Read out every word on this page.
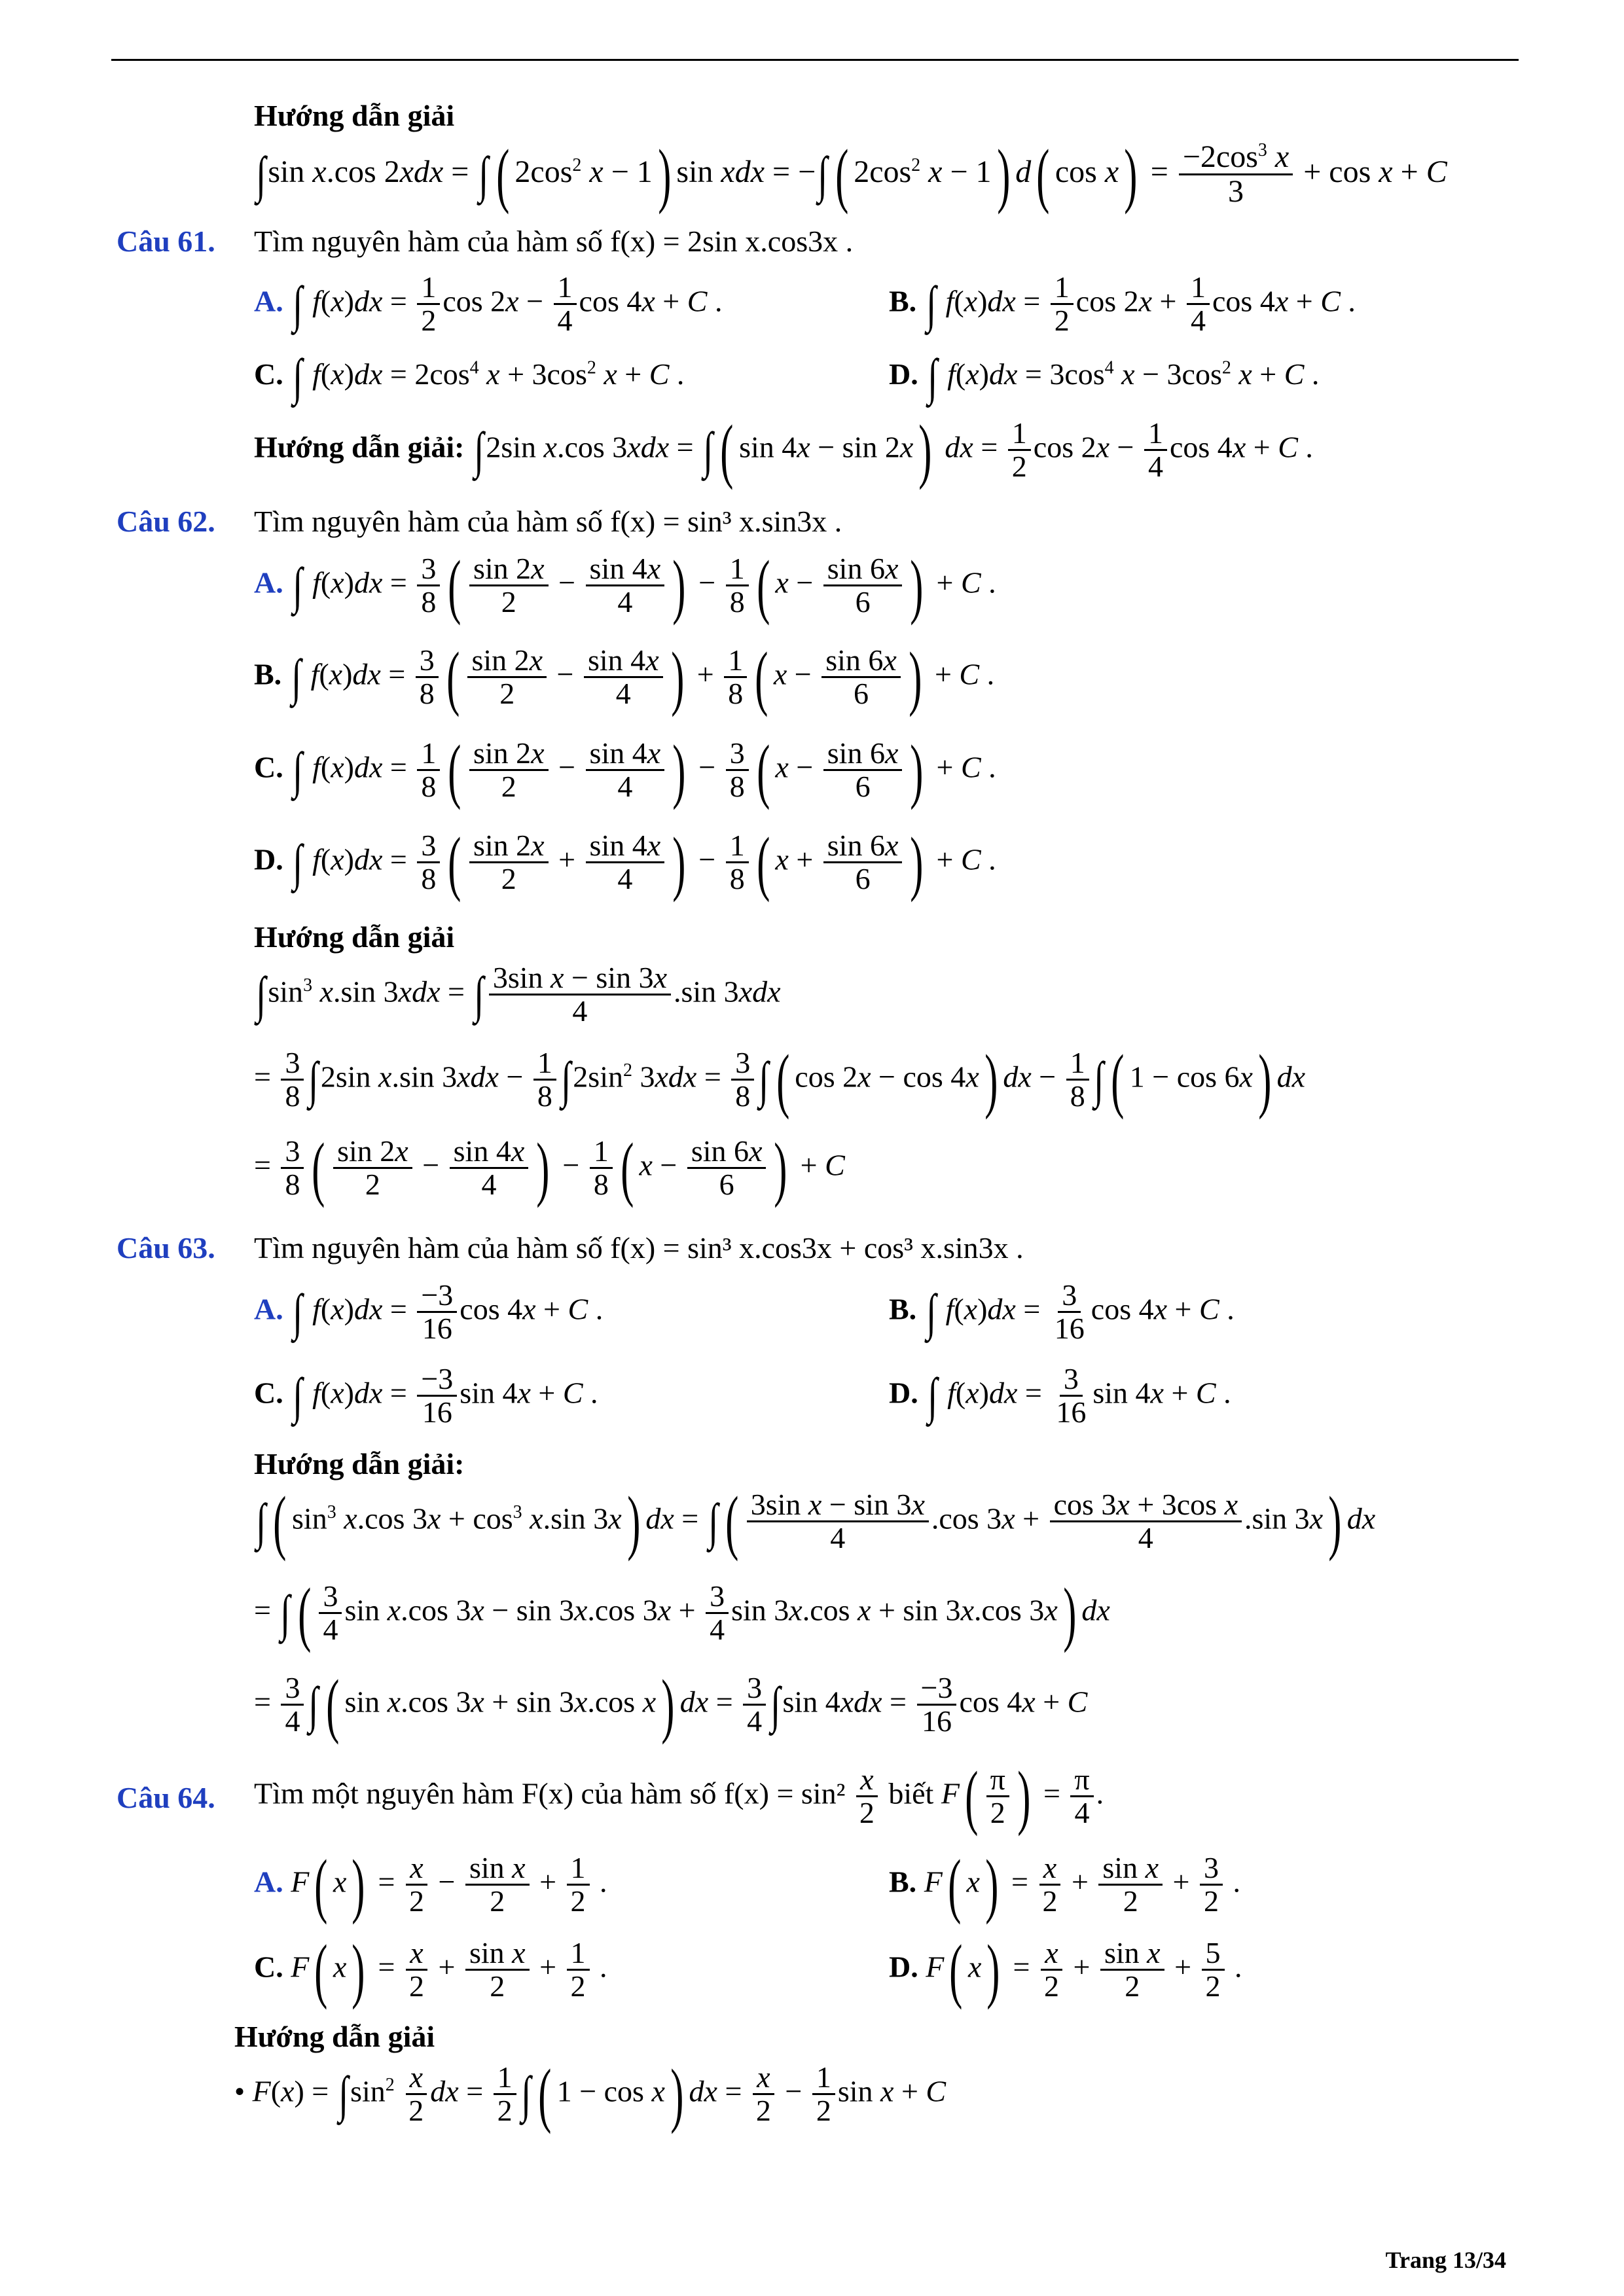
Hướng dẫn giải
∫sin x.cos 2xdx = ∫ ( $2\cos^2$ x − 1) sin xdx = −∫ ( $2\cos^2$ x − 1) d( $\cos x) = \frac{-2\cos^3 x}{3} + \cos x + C$
Câu 61. Tìm nguyên hàm của hàm số f(x) = 2sin x.cos3x .
A. ∫ $f(x)dx = \frac{1}{2}$ $\cos 2x - \frac{1}{4}$ cos 4x + C .	B. ∫ $f(x)dx = \frac{1}{2}$ $\cos 2x + \frac{1}{4}$ cos 4x + C .
C. ∫ $f(x)dx = 2\cos^4$ $x + 3\cos^2$ x + C .	D. ∫ $f(x)dx = 3\cos^4$ $x - 3\cos^2$ x + C .
Hướng dẫn giải: ∫2sin x.cos 3xdx = ∫ ( sin 4x − sin 2x) dx = $\frac{1}{2}$ $\cos 2x - \frac{1}{4}$ cos 4x + C .
Câu 62. Tìm nguyên hàm của hàm số f(x) = sin³ x.sin3x .
A. ∫ $f(x)dx = \frac{3}{8}$ ( $\frac{\sin 2x}{2} - \frac{\sin 4x}{4}$ ) − $\frac{1}{8}$ ( $x - \frac{\sin 6x}{6}$ ) + C .
B. ∫ $f(x)dx = \frac{3}{8}$ ( $\frac{\sin 2x}{2} - \frac{\sin 4x}{4}$ ) + $\frac{1}{8}$ ( $x - \frac{\sin 6x}{6}$ ) + C .
C. ∫ $f(x)dx = \frac{1}{8}$ ( $\frac{\sin 2x}{2} - \frac{\sin 4x}{4}$ ) − $\frac{3}{8}$ ( $x - \frac{\sin 6x}{6}$ ) + C .
D. ∫ $f(x)dx = \frac{3}{8}$ ( $\frac{\sin 2x}{2} + \frac{\sin 4x}{4}$ ) − $\frac{1}{8}$ ( $x + \frac{\sin 6x}{6}$ ) + C .
Hướng dẫn giải
$\int\sin^3$ x.sin 3xdx = ∫ $\frac{\text{3sin x − sin 3x}}{4} .\sin$ 3xdx
= $\frac{3}{8} \int 2\sin$ x.sin $3xdx - \frac{1}{8} \int 2\sin^2$ $3xdx = \frac{3}{8}$ ∫ ( cos 2x − cos 4x) dx − $\frac{1}{8}$ ∫ ( 1 − cos 6x) dx
= $\frac{3}{8}$ ( $\frac{\sin 2x}{2} - \frac{\sin 4x}{4}$ ) − $\frac{1}{8}$ ( $x - \frac{\sin 6x}{6}$ ) + C
Câu 63. Tìm nguyên hàm của hàm số f(x) = sin³ x.cos3x + cos³ x.sin3x .
A. ∫ $f(x)dx = \frac{-3}{16}$ cos 4x + C .	B. ∫ $f(x)dx = \frac{3}{16}$ cos 4x + C .
C. ∫ $f(x)dx = \frac{-3}{16}$ sin 4x + C .	D. ∫ $f(x)dx = \frac{3}{16}$ sin 4x + C .
Hướng dẫn giải:
∫ ( $\sin^3 x.\cos$ $3x + \cos^3 x.\sin$ 3x) dx = ∫ ( $\frac{\text{3sin x − sin 3x}}{4} .\cos$ $3x + \frac{\text{cos 3x + 3cos x}}{4} .\sin$ 3x) dx
= ∫ ( $\frac{3}{4}$ sin x.cos 3x − sin 3x.cos $3x + \frac{3}{4}$ sin 3x.cos x + sin 3x.cos 3x) dx
= $\frac{3}{4}$ ∫ ( sin x.cos 3x + sin 3x.cos x) dx = $\frac{3}{4} \int\sin$ $4xdx = \frac{-3}{16}$ cos 4x + C
Câu 64. Tìm một nguyên hàm F(x) của hàm số $f(x) = \sin^2 \frac{x}{2}$ biết $F( \frac{\pi}{2}$ ) = $\frac{\pi}{4}$ .
A. F( $x) = \frac{x}{2} - \frac{\text{sin x}}{2} + \frac{1}{2}$ .	B. F( $x) = \frac{x}{2} + \frac{\text{sin x}}{2} + \frac{3}{2}$ .
C. F( $x) = \frac{x}{2} + \frac{\text{sin x}}{2} + \frac{1}{2}$ .	D. F( $x) = \frac{x}{2} + \frac{\text{sin x}}{2} + \frac{5}{2}$ .
Hướng dẫn giải
• $F(x) = \int\sin^2 \frac{x}{2}$ dx = $\frac{1}{2}$ ∫ ( 1 − cos x) dx = $\frac{x}{2} - \frac{1}{2}$ sin x + C
Trang 13/34
